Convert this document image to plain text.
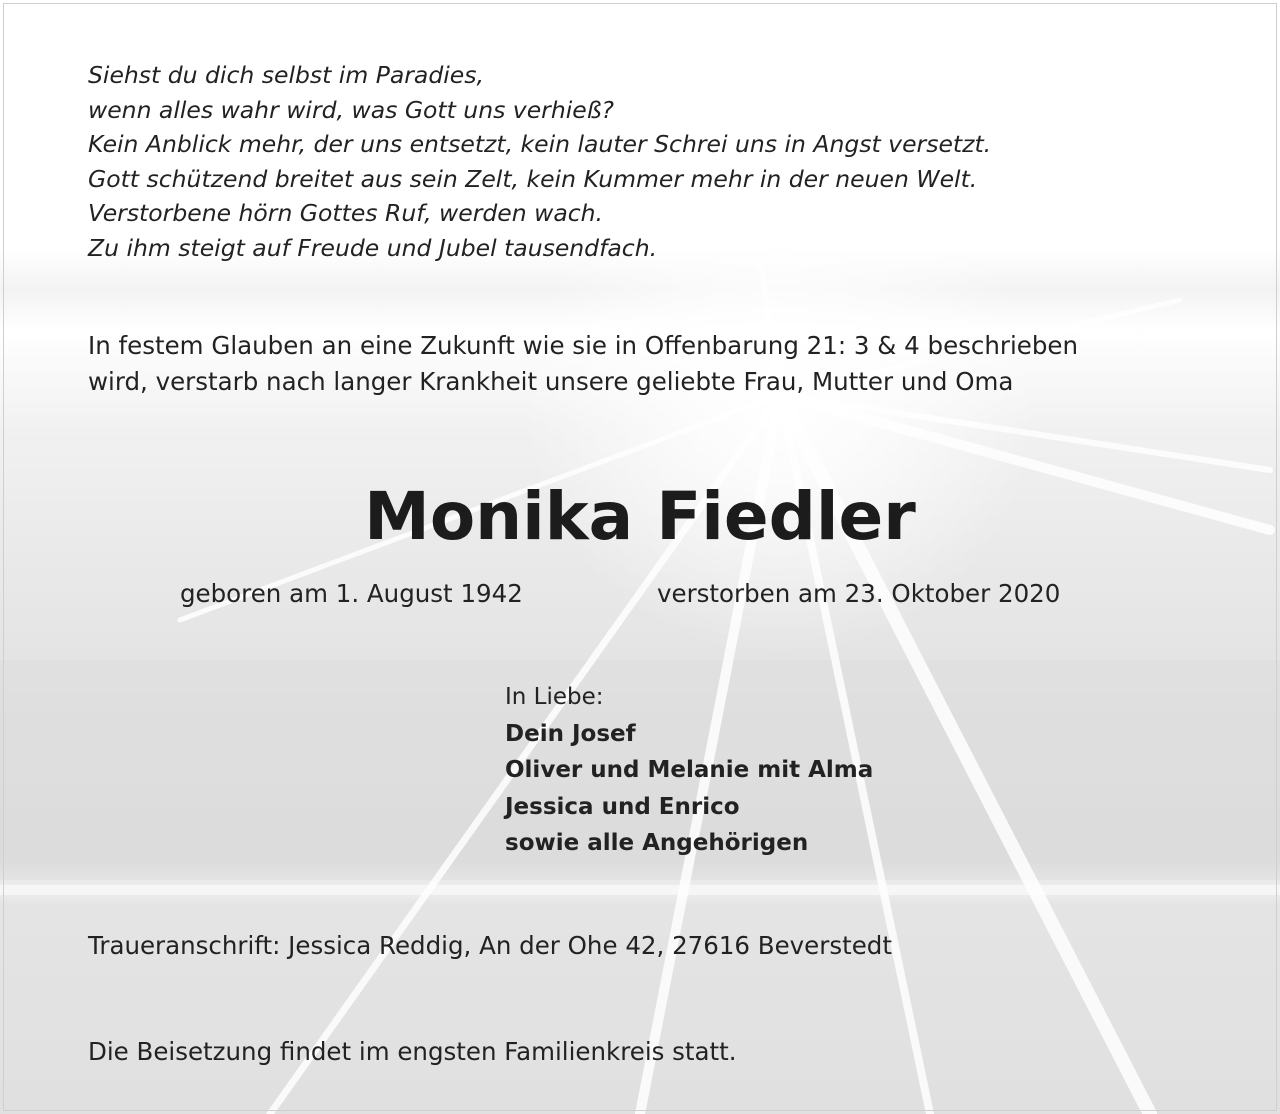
Siehst du dich selbst im Paradies,
wenn alles wahr wird, was Gott uns verhieß?
Kein Anblick mehr, der uns entsetzt, kein lauter Schrei uns in Angst versetzt.
Gott schützend breitet aus sein Zelt, kein Kummer mehr in der neuen Welt.
Verstorbene hörn Gottes Ruf, werden wach.
Zu ihm steigt auf Freude und Jubel tausendfach.
In festem Glauben an eine Zukunft wie sie in Offenbarung 21: 3 & 4 beschrieben
wird, verstarb nach langer Krankheit unsere geliebte Frau, Mutter und Oma
Monika Fiedler
geboren am 1. August 1942	verstorben am 23. Oktober 2020
In Liebe:
Dein Josef
Oliver und Melanie mit Alma
Jessica und Enrico
sowie alle Angehörigen
Traueranschrift: Jessica Reddig, An der Ohe 42, 27616 Beverstedt
Die Beisetzung findet im engsten Familienkreis statt.
